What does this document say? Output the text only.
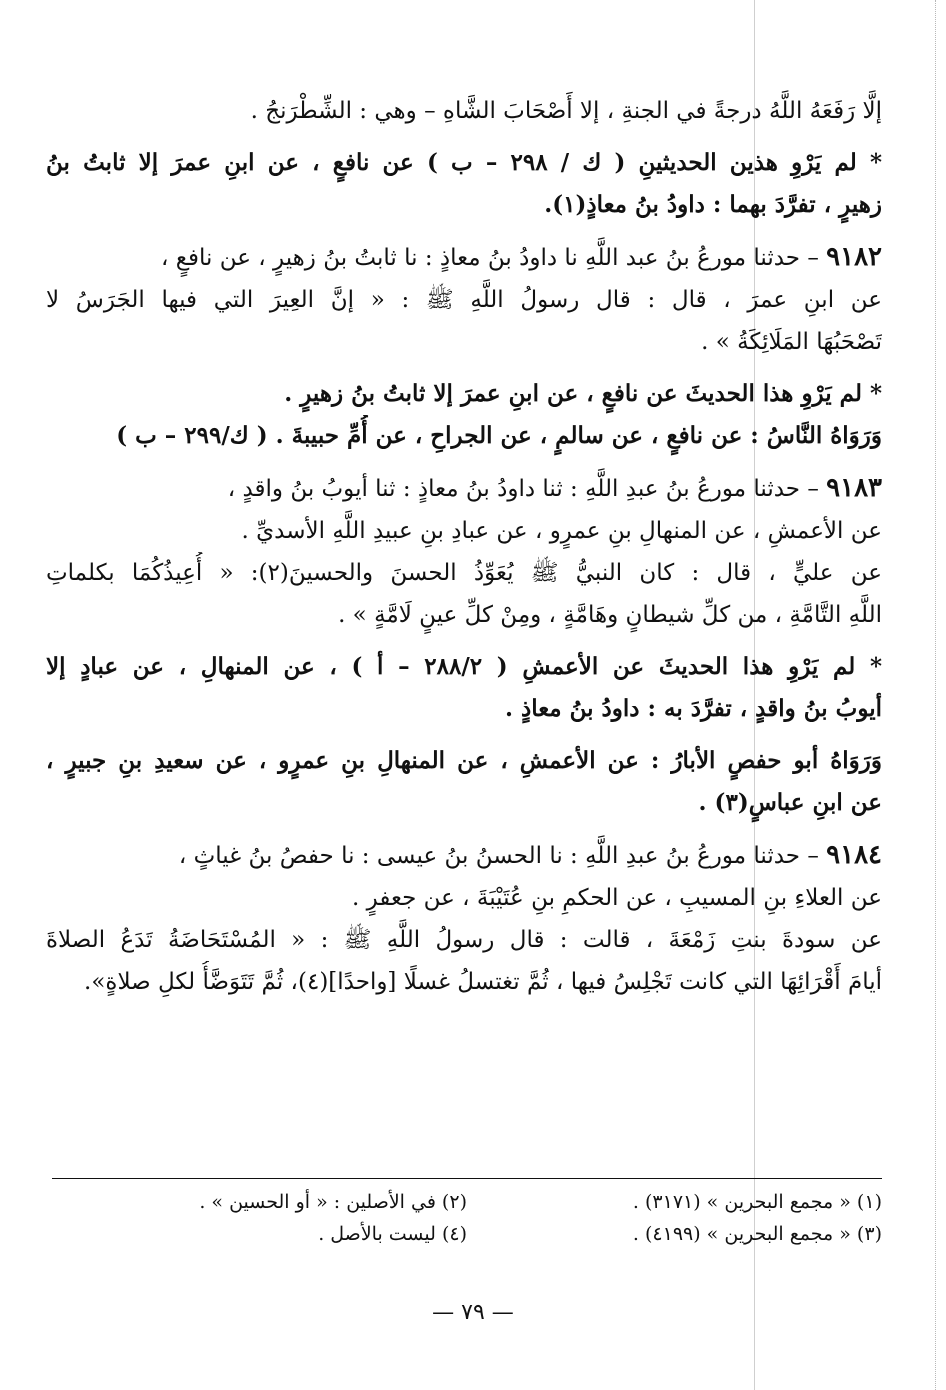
إلَّا رَفَعَهُ اللَّهُ درجةً في الجنةِ ، إلا أَصْحَابَ الشَّاهِ – وهي : الشِّطْرَنجُ .
* لم يَرْوِ هذين الحديثينِ ( ك / ٢٩٨ – ب ) عن نافعٍ ، عن ابنِ عمرَ إلا ثابتُ بنُ
زهيرٍ ، تفرَّدَ بهما : داودُ بنُ معاذٍ(١).
٩١٨٢ – حدثنا مورعُ بنُ عبد اللَّهِ نا داودُ بنُ معاذٍ : نا ثابتُ بنُ زهيرٍ ، عن نافعٍ ،
عن ابنِ عمرَ ، قال : قال رسولُ اللَّهِ ﷺ : « إنَّ العِيرَ التي فيها الجَرَسُ لا
تَصْحَبُهَا المَلَائِكَةُ » .
* لم يَرْوِ هذا الحديثَ عن نافعٍ ، عن ابنِ عمرَ إلا ثابتُ بنُ زهيرٍ .
وَرَوَاهُ النَّاسُ : عن نافعٍ ، عن سالمٍ ، عن الجراحِ ، عن أُمِّ حبيبةَ . ( ك/٢٩٩ – ب )
٩١٨٣ – حدثنا مورعُ بنُ عبدِ اللَّهِ : ثنا داودُ بنُ معاذٍ : ثنا أيوبُ بنُ واقدٍ ،
عن الأعمشِ ، عن المنهالِ بنِ عمرٍو ، عن عبادِ بنِ عبيدِ اللَّهِ الأسديِّ .
عن عليٍّ ، قال : كان النبيُّ ﷺ يُعَوِّذُ الحسنَ والحسينَ(٢): « أُعِيذُكُمَا بكلماتِ
اللَّهِ التَّامَّةِ ، من كلِّ شيطانٍ وهَامَّةٍ ، ومِنْ كلِّ عينٍ لَامَّةٍ » .
* لم يَرْوِ هذا الحديثَ عن الأعمشِ ( ٢٨٨/٢ – أ ) ، عن المنهالِ ، عن عبادٍ إلا
أيوبُ بنُ واقدٍ ، تفرَّدَ به : داودُ بنُ معاذٍ .
وَرَوَاهُ أبو حفصٍ الأبارُ : عن الأعمشِ ، عن المنهالِ بنِ عمرٍو ، عن سعيدِ بنِ جبيرٍ ،
عن ابنِ عباسٍ(٣) .
٩١٨٤ – حدثنا مورعُ بنُ عبدِ اللَّهِ : نا الحسنُ بنُ عيسى : نا حفصُ بنُ غياثٍ ،
عن العلاءِ بنِ المسيبِ ، عن الحكمِ بنِ عُتَيْبَةَ ، عن جعفرٍ .
عن سودةَ بنتِ زَمْعَةَ ، قالت : قال رسولُ اللَّهِ ﷺ : « المُسْتَحَاضَةُ تَدَعُ الصلاةَ
أيامَ أَقْرَائِهَا التي كانت تَجْلِسُ فيها ، ثُمَّ تغتسلُ غسلًا [واحدًا](٤)، ثُمَّ تَتَوَضَّأُ لكلِ صلاةٍ».
(١) « مجمع البحرين » (٣١٧١) .
(٢) في الأصلين : « أو الحسين » .
(٣) « مجمع البحرين » (٤١٩٩) .
(٤) ليست بالأصل .
— ٧٩ —
